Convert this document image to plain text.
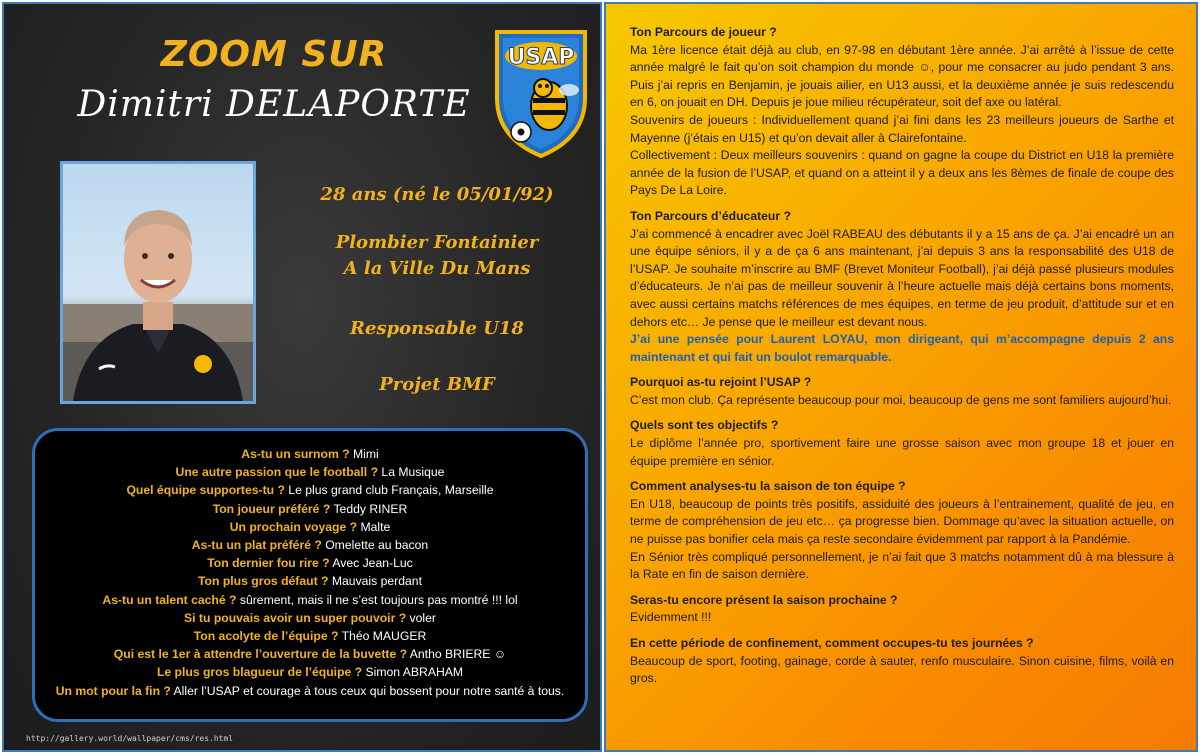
ZOOM SUR
Dimitri DELAPORTE
USAP
28 ans (né le 05/01/92)
Plombier Fontainier
A la Ville Du Mans
Responsable U18
Projet BMF
As-tu un surnom ? Mimi
Une autre passion que le football ? La Musique
Quel équipe supportes-tu ? Le plus grand club Français, Marseille
Ton joueur préféré ? Teddy RINER
Un prochain voyage ? Malte
As-tu un plat préféré ? Omelette au bacon
Ton dernier fou rire ? Avec Jean-Luc
Ton plus gros défaut ? Mauvais perdant
As-tu un talent caché ? sûrement, mais il ne s’est toujours pas montré !!! lol
Si tu pouvais avoir un super pouvoir ? voler
Ton acolyte de l’équipe ? Théo MAUGER
Qui est le 1er à attendre l’ouverture de la buvette ? Antho BRIERE ☺
Le plus gros blagueur de l’équipe ? Simon ABRAHAM
Un mot pour la fin ? Aller l’USAP et courage à tous ceux qui bossent pour notre santé à tous.
http://gallery.world/wallpaper/cms/res.html
Ton Parcours de joueur ?
Ma 1ère licence était déjà au club, en 97-98 en débutant 1ère année. J’ai arrêté à l’issue de cette année malgré le fait qu’on soit champion du monde ☺, pour me consacrer au judo pendant 3 ans. Puis j’ai repris en Benjamin, je jouais ailier, en U13 aussi, et la deuxième année je suis redescendu en 6, on jouait en DH. Depuis je joue milieu récupérateur, soit def axe ou latéral.
Souvenirs de joueurs : Individuellement quand j’ai fini dans les 23 meilleurs joueurs de Sarthe et Mayenne (j’étais en U15) et qu’on devait aller à Clairefontaine.
Collectivement : Deux meilleurs souvenirs : quand on gagne la coupe du District en U18 la première année de la fusion de l’USAP, et quand on a atteint il y a deux ans les 8èmes de finale de coupe des Pays De La Loire.
Ton Parcours d’éducateur ?
J’ai commencé à encadrer avec Joël RABEAU des débutants il y a 15 ans de ça. J’ai encadré un an une équipe séniors, il y a de ça 6 ans maintenant, j’ai depuis 3 ans la responsabilité des U18 de l’USAP. Je souhaite m’inscrire au BMF (Brevet Moniteur Football), j’ai déjà passé plusieurs modules d’éducateurs. Je n’ai pas de meilleur souvenir à l’heure actuelle mais déjà certains bons moments, avec aussi certains matchs références de mes équipes, en terme de jeu produit, d’attitude sur et en dehors etc… Je pense que le meilleur est devant nous.
J’ai une pensée pour Laurent LOYAU, mon dirigeant, qui m’accompagne depuis 2 ans maintenant et qui fait un boulot remarquable.
Pourquoi as-tu rejoint l’USAP ?
C’est mon club. Ça représente beaucoup pour moi, beaucoup de gens me sont familiers aujourd’hui.
Quels sont tes objectifs ?
Le diplôme l’année pro, sportivement faire une grosse saison avec mon groupe 18 et jouer en équipe première en sénior.
Comment analyses-tu la saison de ton équipe ?
En U18, beaucoup de points très positifs, assiduité des joueurs à l’entrainement, qualité de jeu, en terme de compréhension de jeu etc… ça progresse bien. Dommage qu’avec la situation actuelle, on ne puisse pas bonifier cela mais ça reste secondaire évidemment par rapport à la Pandémie.
En Sénior très compliqué personnellement, je n’ai fait que 3 matchs notamment dû à ma blessure à la Rate en fin de saison dernière.
Seras-tu encore présent la saison prochaine ?
Evidemment !!!
En cette période de confinement, comment occupes-tu tes journées ?
Beaucoup de sport, footing, gainage, corde à sauter, renfo musculaire. Sinon cuisine, films, voilà en gros.
